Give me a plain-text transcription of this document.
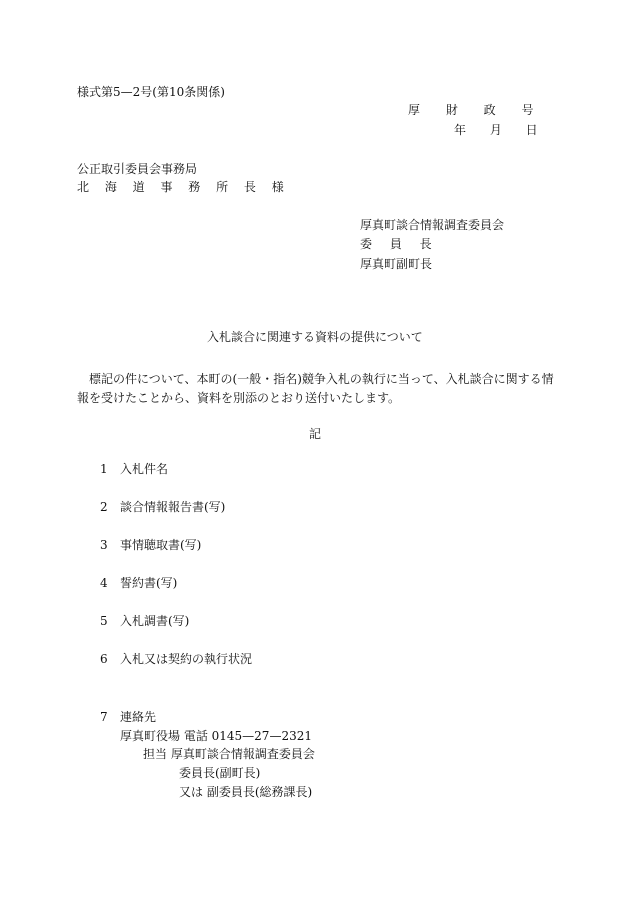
様式第5—2号(第10条関係)
厚 財 政 号
年 月 日
公正取引委員会事務局
北 海 道 事 務 所 長 様
厚真町談合情報調査委員会
委 員 長
厚真町副町長
入札談合に関連する資料の提供について
標記の件について、本町の(一般・指名)競争入札の執行に当って、入札談合に関する情報を受けたことから、資料を別添のとおり送付いたします。
記
1 入札件名
2 談合情報報告書(写)
3 事情聴取書(写)
4 誓約書(写)
5 入札調書(写)
6 入札又は契約の執行状況
7 連絡先
厚真町役場 電話 0145—27—2321
担当 厚真町談合情報調査委員会
委員長(副町長)
又は 副委員長(総務課長)
